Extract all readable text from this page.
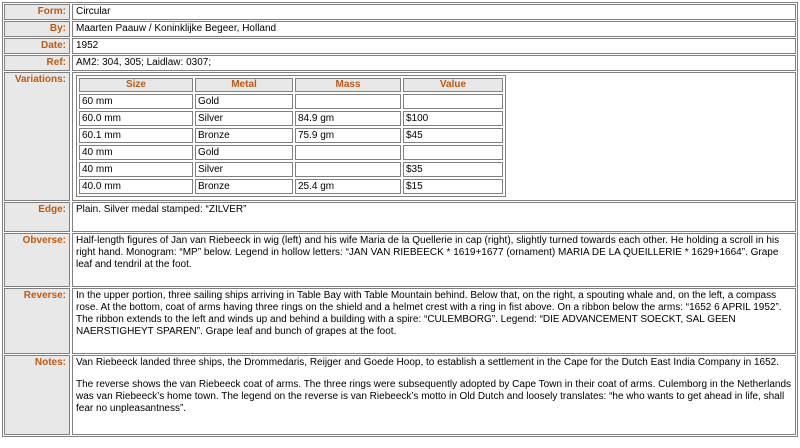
Form:	Circular
By:	Maarten Paauw / Koninklijke Begeer, Holland
Date:	1952
Ref:	AM2: 304, 305; Laidlaw: 0307;
Variations:	Size	Metal	Mass	Value
60 mm	Gold		
60.0 mm	Silver	84.9 gm	$100
60.1 mm	Bronze	75.9 gm	$45
40 mm	Gold		
40 mm	Silver		$35
40.0 mm	Bronze	25.4 gm	$15
Edge:	Plain. Silver medal stamped: “ZILVER”
Obverse:	Half-length figures of Jan van Riebeeck in wig (left) and his wife Maria de la Quellerie in cap (right), slightly turned towards each other. He holding a scroll in his right hand. Monogram: “MP” below. Legend in hollow letters: “JAN VAN RIEBEECK * 1619+1677 (ornament) MARIA DE LA QUEILLERIE * 1629+1664”. Grape leaf and tendril at the foot.
Reverse:	In the upper portion, three sailing ships arriving in Table Bay with Table Mountain behind. Below that, on the right, a spouting whale and, on the left, a compass rose. At the bottom, coat of arms having three rings on the shield and a helmet crest with a ring in fist above. On a ribbon below the arms: “1652 6 APRIL 1952”. The ribbon extends to the left and winds up and behind a building with a spire: “CULEMBORG”. Legend: “DIE ADVANCEMENT SOECKT, SAL GEEN NAERSTIGHEYT SPAREN”. Grape leaf and bunch of grapes at the foot.
Notes:	Van Riebeeck landed three ships, the Drommedaris, Reijger and Goede Hoop, to establish a settlement in the Cape for the Dutch East India Company in 1652.

The reverse shows the van Riebeeck coat of arms. The three rings were subsequently adopted by Cape Town in their coat of arms. Culemborg in the Netherlands was van Riebeeck’s home town. The legend on the reverse is van Riebeeck’s motto in Old Dutch and loosely translates: “he who wants to get ahead in life, shall fear no unpleasantness”.
